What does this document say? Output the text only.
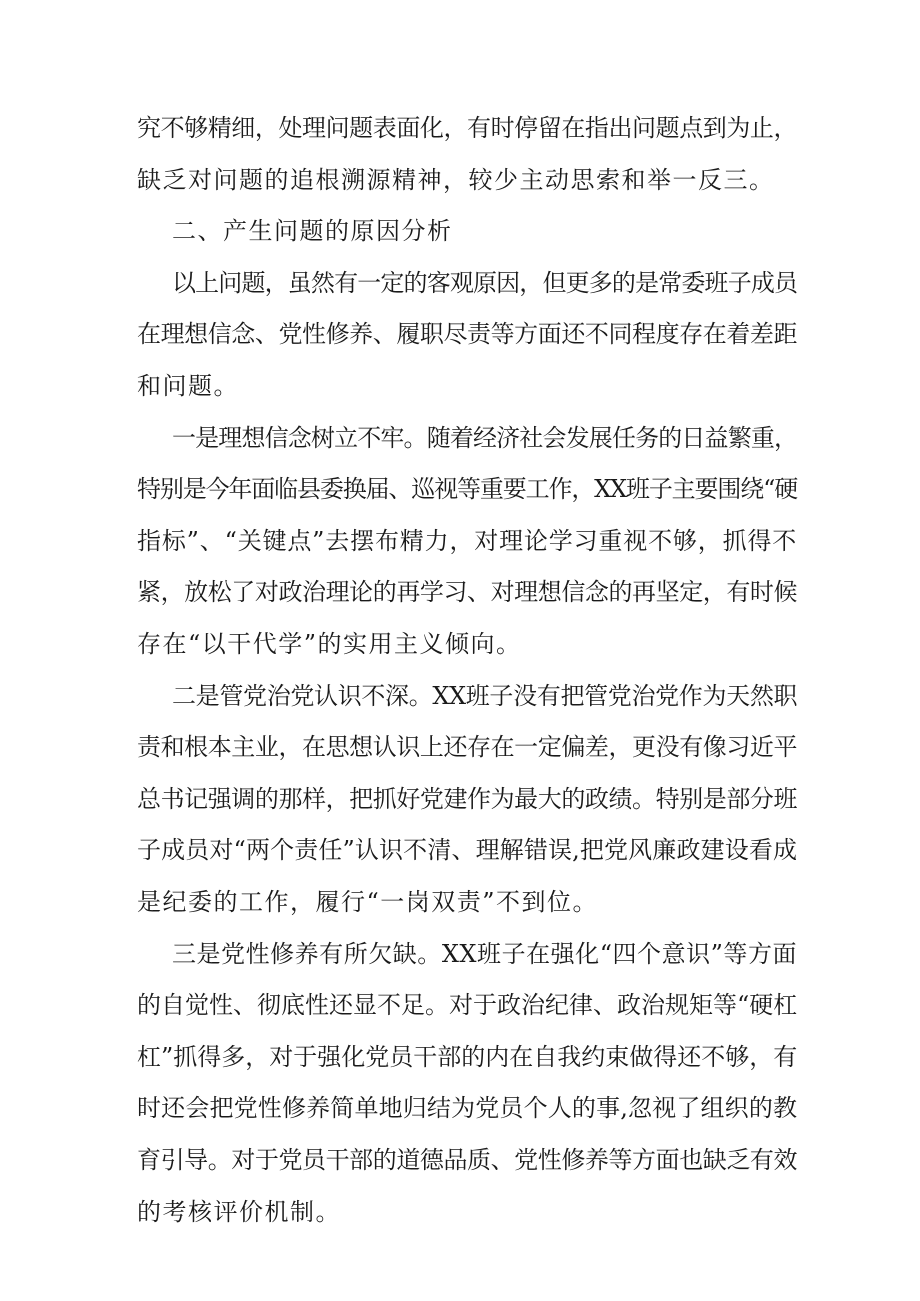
究不够精细，处理问题表面化，有时停留在指出问题点到为止，

缺乏对问题的追根溯源精神，较少主动思索和举一反三。

二、产生问题的原因分析

以上问题，虽然有一定的客观原因，但更多的是常委班子成员

在理想信念、党性修养、履职尽责等方面还不同程度存在着差距

和问题。

一是理想信念树立不牢。随着经济社会发展任务的日益繁重，

特别是今年面临县委换届、巡视等重要工作，XX班子主要围绕“硬

指标”、“关键点”去摆布精力，对理论学习重视不够，抓得不

紧，放松了对政治理论的再学习、对理想信念的再坚定，有时候

存在“以干代学”的实用主义倾向。

二是管党治党认识不深。XX班子没有把管党治党作为天然职

责和根本主业，在思想认识上还存在一定偏差，更没有像习近平

总书记强调的那样，把抓好党建作为最大的政绩。特别是部分班

子成员对“两个责任”认识不清、理解错误,把党风廉政建设看成

是纪委的工作，履行“一岗双责”不到位。

三是党性修养有所欠缺。XX班子在强化“四个意识”等方面

的自觉性、彻底性还显不足。对于政治纪律、政治规矩等“硬杠

杠”抓得多，对于强化党员干部的内在自我约束做得还不够，有

时还会把党性修养简单地归结为党员个人的事,忽视了组织的教

育引导。对于党员干部的道德品质、党性修养等方面也缺乏有效

的考核评价机制。
